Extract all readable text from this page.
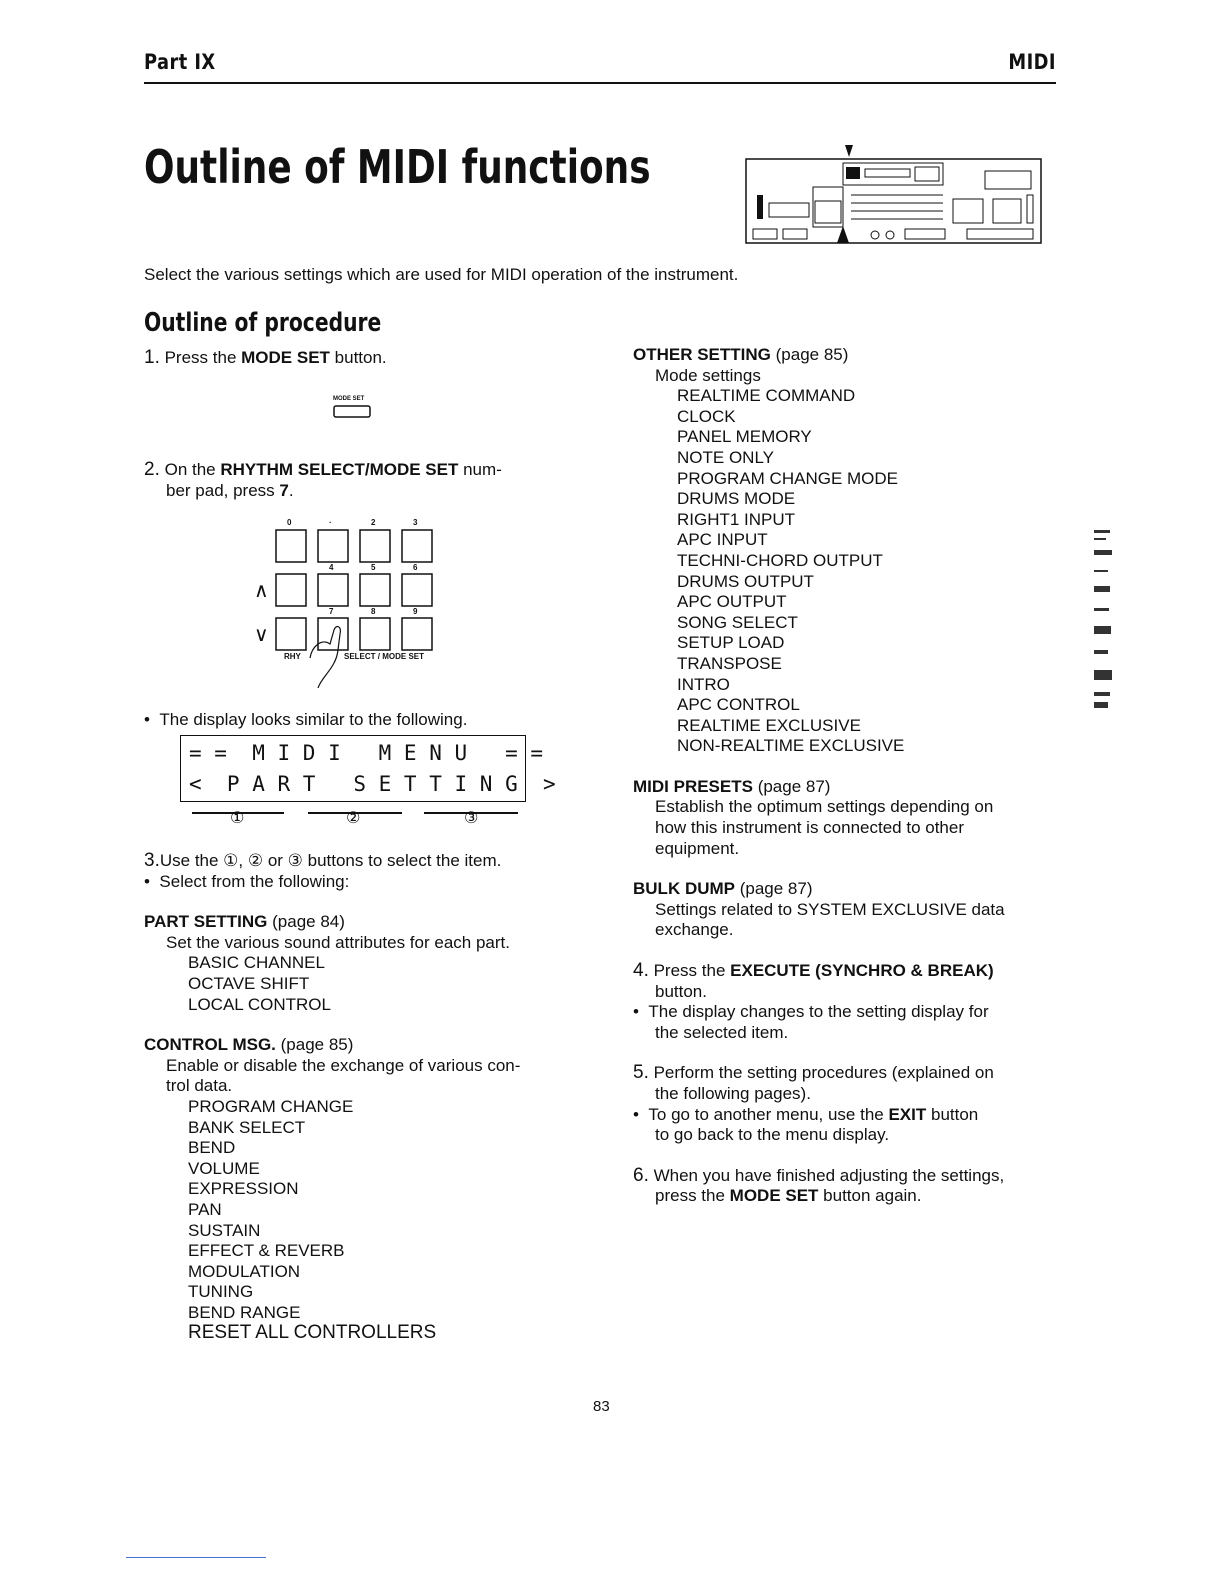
Part IX	MIDI
Outline of MIDI functions
Select the various settings which are used for MIDI operation of the instrument.
Outline of procedure

1. Press the MODE SET button.

MODE SET

2. On the RHYTHM SELECT/MODE SET num-

ber pad, press 7.

0	·	2	3
4	5	6
7	8	9
∧
∨
RHY	SELECT / MODE SET

•  The display looks similar to the following.

= =  M I D I   M E N U   = =
<  P A R T   S E T T I N G  >
①	②	③

3.Use the ①, ② or ③ buttons to select the item.

•  Select from the following:

PART SETTING (page 84)

Set the various sound attributes for each part.

BASIC CHANNEL

OCTAVE SHIFT

LOCAL CONTROL

CONTROL MSG. (page 85)

Enable or disable the exchange of various con-

trol data.

PROGRAM CHANGE

BANK SELECT

BEND

VOLUME

EXPRESSION

PAN

SUSTAIN

EFFECT & REVERB

MODULATION

TUNING

BEND RANGE

RESET ALL CONTROLLERS

OTHER SETTING (page 85)

Mode settings

REALTIME COMMAND

CLOCK

PANEL MEMORY

NOTE ONLY

PROGRAM CHANGE MODE

DRUMS MODE

RIGHT1 INPUT

APC INPUT

TECHNI-CHORD OUTPUT

DRUMS OUTPUT

APC OUTPUT

SONG SELECT

SETUP LOAD

TRANSPOSE

INTRO

APC CONTROL

REALTIME EXCLUSIVE

NON-REALTIME EXCLUSIVE

MIDI PRESETS (page 87)

Establish the optimum settings depending on

how this instrument is connected to other

equipment.

BULK DUMP (page 87)

Settings related to SYSTEM EXCLUSIVE data

exchange.

4. Press the EXECUTE (SYNCHRO & BREAK)

button.

•  The display changes to the setting display for

the selected item.

5. Perform the setting procedures (explained on

the following pages).

•  To go to another menu, use the EXIT button

to go back to the menu display.

6. When you have finished adjusting the settings,

press the MODE SET button again.

83
